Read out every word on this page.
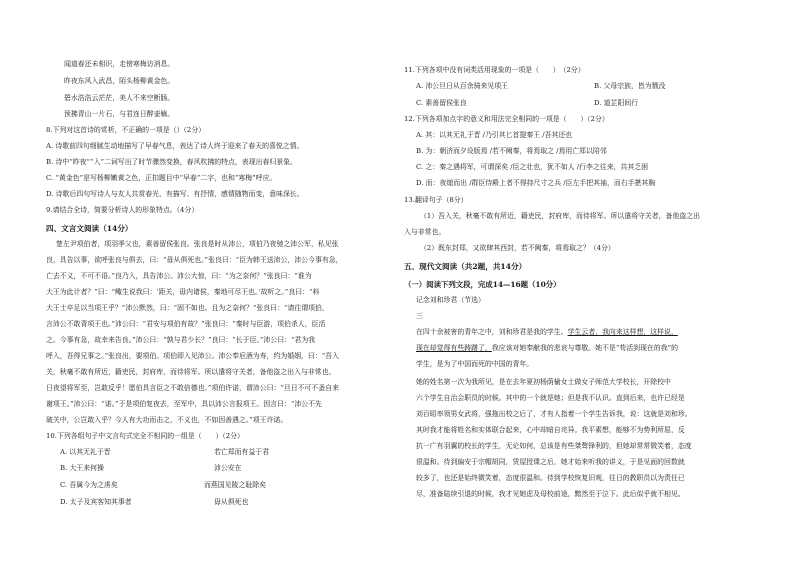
闻道春还未相识，走傍寒梅访消息。
昨夜东风入武昌，陌头杨柳黄金色。
碧水浩浩云茫茫，美人不来空断肠。
预拂青山一片石，与君连日醉壶觞。
8.下列对这首诗的赏析，不正确的一项是（）（2分）
A. 诗歌前四句细腻生动地描写了早春气息，表达了诗人终于迎来了春天的喜悦之情。
B. 诗中“昨夜”“入”二词写出了时节骤然变换，春风吹拂的特点，表现出春归景象。
C. “黄金色”是写杨柳嫩黄之色，正扣题目中“早春”二字，也和“寒梅”呼应。
D. 诗歌后四句写诗人与友人共赏春光，有描写、有抒情，感情随物而变，意味深长。
9.请结合全诗，简要分析诗人的形象特点。（4分）
四、文言文阅读（14分）
楚左尹项伯者，项羽季父也，素善留侯张良。张良是时从沛公，项伯乃夜驰之沛公军，私见张
良，具告以事，欲呼张良与俱去，曰：“毋从俱死也。”张良曰：“臣为韩王送沛公，沛公今事有急，
亡去不义，不可不语。”良乃入，具告沛公。沛公大惊，曰：“为之奈何？”张良曰：“谁为
大王为此计者？”曰：“鲰生说我曰：‘距关，毋内诸侯，秦地可尽王也。’故听之。”良曰：“料
大王士卒足以当项王乎？”沛公默然，曰：“固不如也。且为之奈何？”张良曰：“请往谓项伯，
言沛公不敢背项王也。”沛公曰：“君安与项伯有故？”张良曰：“秦时与臣游，项伯杀人，臣活
之。今事有急，故幸来告良。”沛公曰：“孰与君少长？”良曰：“长于臣。”沛公曰：“君为我
呼入，吾得兄事之。”张良出，要项伯。项伯即入见沛公。沛公奉卮酒为寿，约为婚姻，曰：“吾入
关，秋毫不敢有所近，籍吏民，封府库，而待将军。所以遣将守关者，备他盗之出入与非常也。
日夜望将军至，岂敢反乎！愿伯具言臣之不敢倍德也。”项伯许诺，谓沛公曰：“旦日不可不蚤自来
谢项王。”沛公曰：“诺。”于是项伯复夜去，至军中，具以沛公言报项王。因言曰：“沛公不先
破关中，公岂敢入乎？今人有大功而击之，不义也，不如因善遇之。”项王许诺。
10.下列各组句子中文言句式完全不相同的一组是（　　）（2分）
A. 以其无礼于晋
B. 大王来何操
C. 吾属今为之虏矣
D. 太子及宾客知其事者
若亡郑而有益于君
沛公安在
而燕国见陵之耻除矣
毋从俱死也
11.下列各项中没有词类活用现象的一项是（　　）　（2分）
A. 沛公旦日从百余骑来见项王	B. 父母宗族，皆为戮没
C. 素善留侯张良	D. 道芷阳间行
12.下列各项加点字的意义和用法完全相同的一项是（　　）（2分）
A. 其：以其无礼于晋 /乃引其匕首提秦王 /吾其还也
B. 为：朝济而夕设版焉 /若不阙秦，将焉取之 /焉用亡郑以陪邻
C. 之：秦之遇将军，可谓深矣 /臣之壮也，犹不如人 /行李之往来，共其乏困
D. 而：夜缒而出 /群臣侍殿上者不得持尺寸之兵 /臣左手把其袖，而右手揕其胸
13.翻译句子（8分）
（1）吾入关，秋毫不敢有所近，籍吏民，封府库，而待将军。所以遣将守关者，备他盗之出
入与非常也。
（2）既东封郑，又欲肆其西封，若不阙秦，将焉取之？（4分）
五、现代文阅读（共2题，共14分）
（一）阅读下列文段，完成14—16题（10分）
记念刘和珍君（节选）
三
在四十余被害的青年之中，刘和珍君是我的学生。学生云者，我向来这样想，这样说，
现在却觉得有些踌躇了，我应该对她奉献我的悲哀与尊敬。她不是“苟活到现在的我”的
学生，是为了中国而死的中国的青年。
她的姓名第一次为我所见，是在去年夏初杨荫榆女士做女子师范大学校长，开除校中
六个学生自治会职员的时候。其中的一个就是她；但是我不认识。直到后来，也许已经是
刘百昭率领男女武将，强拖出校之后了，才有人指着一个学生告诉我，说：这就是刘和珍。
其时我才能将姓名和实体联合起来，心中却暗自诧异。我平素想，能够不为势利所屈，反
抗一广有羽翼的校长的学生，无论如何，总该是有些桀骜锋利的，但她却常常微笑着，态度
很温和。待到偏安于宗帽胡同，赁屋授课之后，她才始来听我的讲义，于是见面的回数就
较多了，也还是始终微笑着，态度很温和。待到学校恢复旧观，往日的教职员以为责任已
尽，准备陆续引退的时候，我才见她虑及母校前途，黯然至于泣下。此后似乎就不相见。
